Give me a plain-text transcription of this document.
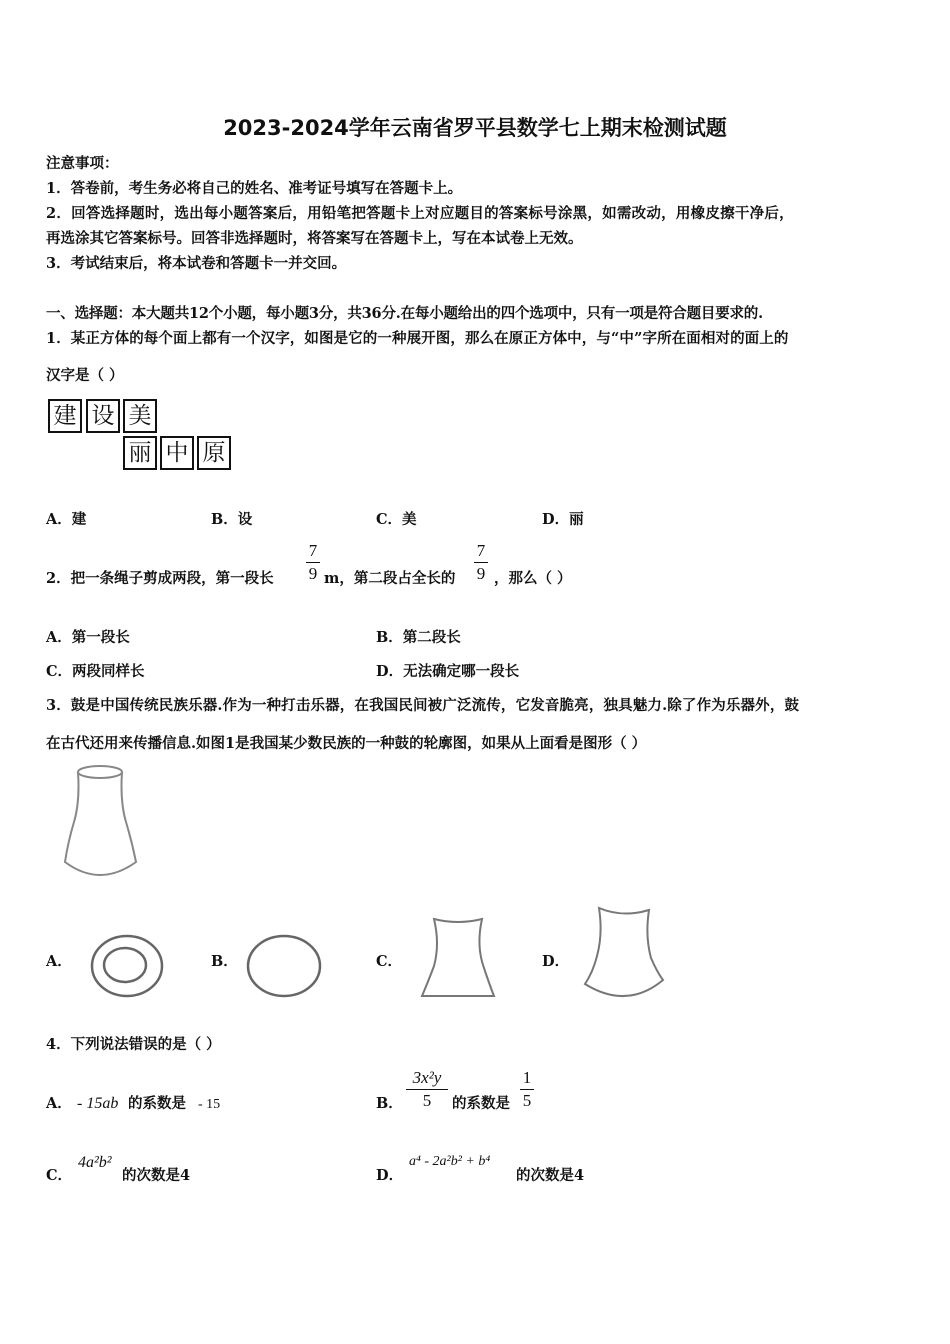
2023-2024学年云南省罗平县数学七上期末检测试题
注意事项：
1．答卷前，考生务必将自己的姓名、准考证号填写在答题卡上。
2．回答选择题时，选出每小题答案后，用铅笔把答题卡上对应题目的答案标号涂黑，如需改动，用橡皮擦干净后，
再选涂其它答案标号。回答非选择题时，将答案写在答题卡上，写在本试卷上无效。
3．考试结束后，将本试卷和答题卡一并交回。
一、选择题：本大题共12个小题，每小题3分，共36分.在每小题给出的四个选项中，只有一项是符合题目要求的.
1．某正方体的每个面上都有一个汉字，如图是它的一种展开图，那么在原正方体中，与“中”字所在面相对的面上的
汉字是（ ）
建 设 美
丽 中 原
A．建	B．设	C．美	D．丽
2．把一条绳子剪成两段，第一段长
7
9 m，第二段占全长的
7
9 ，那么（ ）
A．第一段长	B．第二段长
C．两段同样长	D．无法确定哪一段长
3．鼓是中国传统民族乐器.作为一种打击乐器，在我国民间被广泛流传，它发音脆亮，独具魅力.除了作为乐器外，鼓
在古代还用来传播信息.如图1是我国某少数民族的一种鼓的轮廓图，如果从上面看是图形（ ）
A．	B．	C．	D．
4．下列说法错误的是（ ）
A． - 15ab 的系数是 - 15	B．
3x²y
5	的系数是
1
5
C．
4a²b²
的次数是4	D．
a⁴ - 2a²b² + b⁴
的次数是4
